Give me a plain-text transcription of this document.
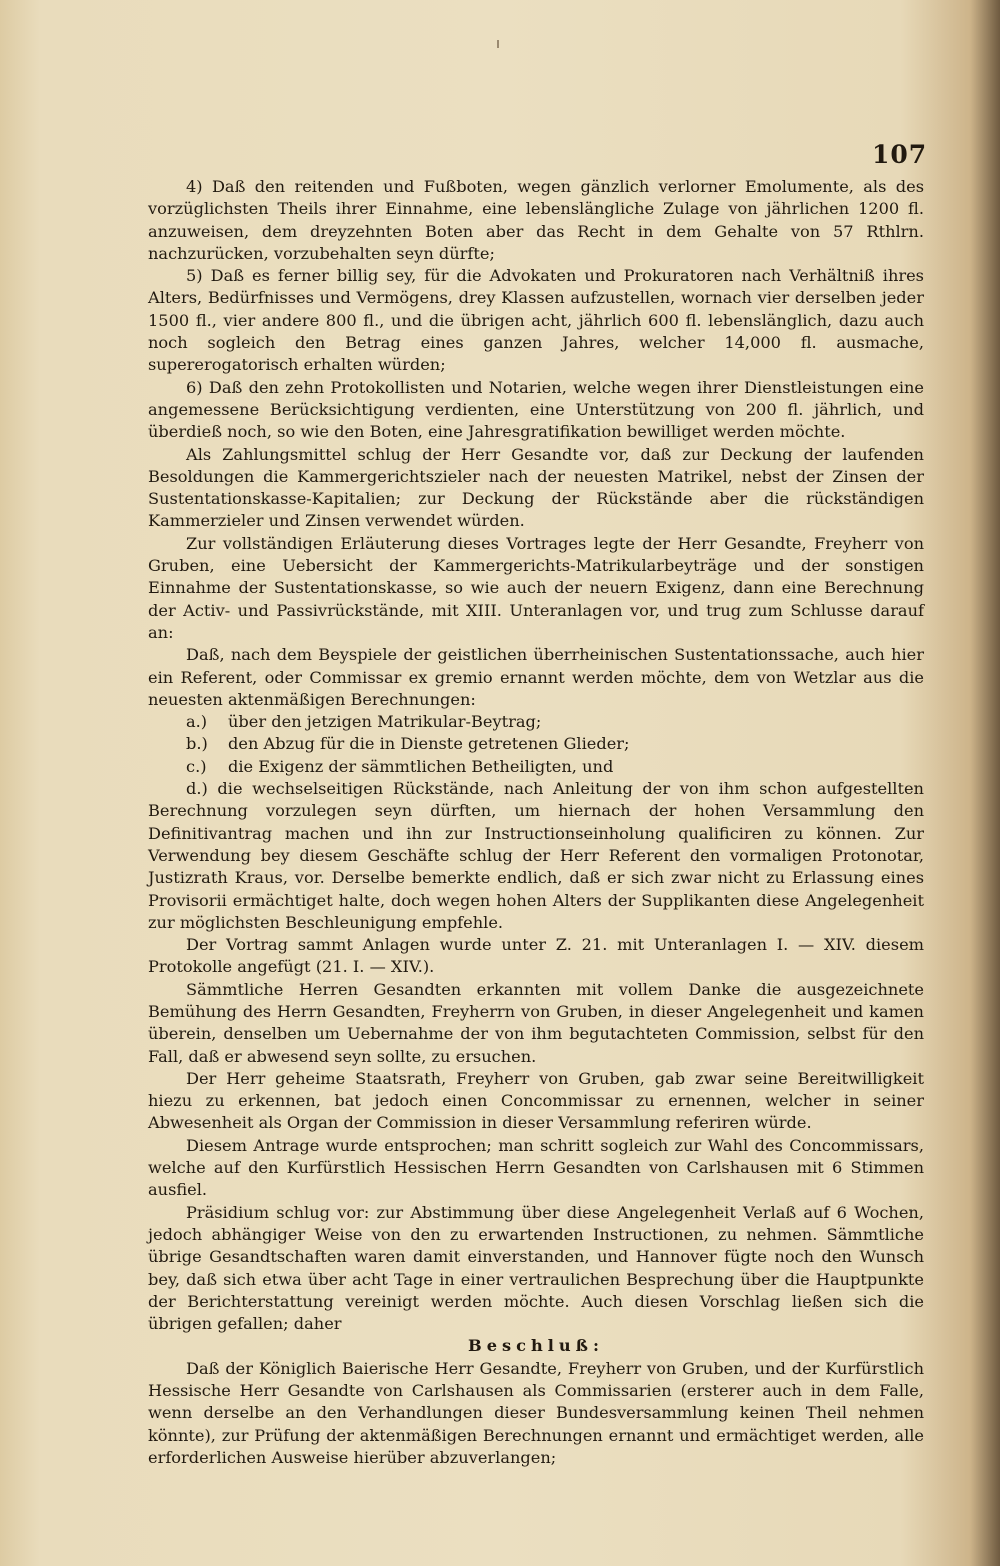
107

4) Daß den reitenden und Fußboten, wegen gänzlich verlorner Emolumente, als des vorzüglichsten Theils ihrer Einnahme, eine lebenslängliche Zulage von jährlichen 1200 fl. anzuweisen, dem dreyzehnten Boten aber das Recht in dem Gehalte von 57 Rthlrn. nachzurücken, vorzubehalten seyn dürfte;

5) Daß es ferner billig sey, für die Advokaten und Prokuratoren nach Verhältniß ihres Alters, Bedürfnisses und Vermögens, drey Klassen aufzustellen, wornach vier derselben jeder 1500 fl., vier andere 800 fl., und die übrigen acht, jährlich 600 fl. lebenslänglich, dazu auch noch sogleich den Betrag eines ganzen Jahres, welcher 14,000 fl. ausmache, supererogatorisch erhalten würden;

6) Daß den zehn Protokollisten und Notarien, welche wegen ihrer Dienstleistungen eine angemessene Berücksichtigung verdienten, eine Unterstützung von 200 fl. jährlich, und überdieß noch, so wie den Boten, eine Jahresgratifikation bewilliget werden möchte.

Als Zahlungsmittel schlug der Herr Gesandte vor, daß zur Deckung der laufenden Besoldungen die Kammergerichtszieler nach der neuesten Matrikel, nebst der Zinsen der Sustentationskasse-Kapitalien; zur Deckung der Rückstände aber die rückständigen Kammerzieler und Zinsen verwendet würden.

Zur vollständigen Erläuterung dieses Vortrages legte der Herr Gesandte, Freyherr von Gruben, eine Uebersicht der Kammergerichts-Matrikularbeyträge und der sonstigen Einnahme der Sustentationskasse, so wie auch der neuern Exigenz, dann eine Berechnung der Activ- und Passivrückstände, mit XIII. Unteranlagen vor, und trug zum Schlusse darauf an:

Daß, nach dem Beyspiele der geistlichen überrheinischen Sustentationssache, auch hier ein Referent, oder Commissar ex gremio ernannt werden möchte, dem von Wetzlar aus die neuesten aktenmäßigen Berechnungen:

a.) über den jetzigen Matrikular-Beytrag;

b.) den Abzug für die in Dienste getretenen Glieder;

c.) die Exigenz der sämmtlichen Betheiligten, und

d.) die wechselseitigen Rückstände, nach Anleitung der von ihm schon aufgestellten Berechnung vorzulegen seyn dürften, um hiernach der hohen Versammlung den Definitivantrag machen und ihn zur Instructionseinholung qualificiren zu können. Zur Verwendung bey diesem Geschäfte schlug der Herr Referent den vormaligen Protonotar, Justizrath Kraus, vor. Derselbe bemerkte endlich, daß er sich zwar nicht zu Erlassung eines Provisorii ermächtiget halte, doch wegen hohen Alters der Supplikanten diese Angelegenheit zur möglichsten Beschleunigung empfehle.

Der Vortrag sammt Anlagen wurde unter Z. 21. mit Unteranlagen I. — XIV. diesem Protokolle angefügt (21. I. — XIV.).

Sämmtliche Herren Gesandten erkannten mit vollem Danke die ausgezeichnete Bemühung des Herrn Gesandten, Freyherrn von Gruben, in dieser Angelegenheit und kamen überein, denselben um Uebernahme der von ihm begutachteten Commission, selbst für den Fall, daß er abwesend seyn sollte, zu ersuchen.

Der Herr geheime Staatsrath, Freyherr von Gruben, gab zwar seine Bereitwilligkeit hiezu zu erkennen, bat jedoch einen Concommissar zu ernennen, welcher in seiner Abwesenheit als Organ der Commission in dieser Versammlung referiren würde.

Diesem Antrage wurde entsprochen; man schritt sogleich zur Wahl des Concommissars, welche auf den Kurfürstlich Hessischen Herrn Gesandten von Carlshausen mit 6 Stimmen ausfiel.

Präsidium schlug vor: zur Abstimmung über diese Angelegenheit Verlaß auf 6 Wochen, jedoch abhängiger Weise von den zu erwartenden Instructionen, zu nehmen. Sämmtliche übrige Gesandtschaften waren damit einverstanden, und Hannover fügte noch den Wunsch bey, daß sich etwa über acht Tage in einer vertraulichen Besprechung über die Hauptpunkte der Berichterstattung vereinigt werden möchte. Auch diesen Vorschlag ließen sich die übrigen gefallen; daher

Beschluß:

Daß der Königlich Baierische Herr Gesandte, Freyherr von Gruben, und der Kurfürstlich Hessische Herr Gesandte von Carlshausen als Commissarien (ersterer auch in dem Falle, wenn derselbe an den Verhandlungen dieser Bundesversammlung keinen Theil nehmen könnte), zur Prüfung der aktenmäßigen Berechnungen ernannt und ermächtiget werden, alle erforderlichen Ausweise hierüber abzuverlangen;
